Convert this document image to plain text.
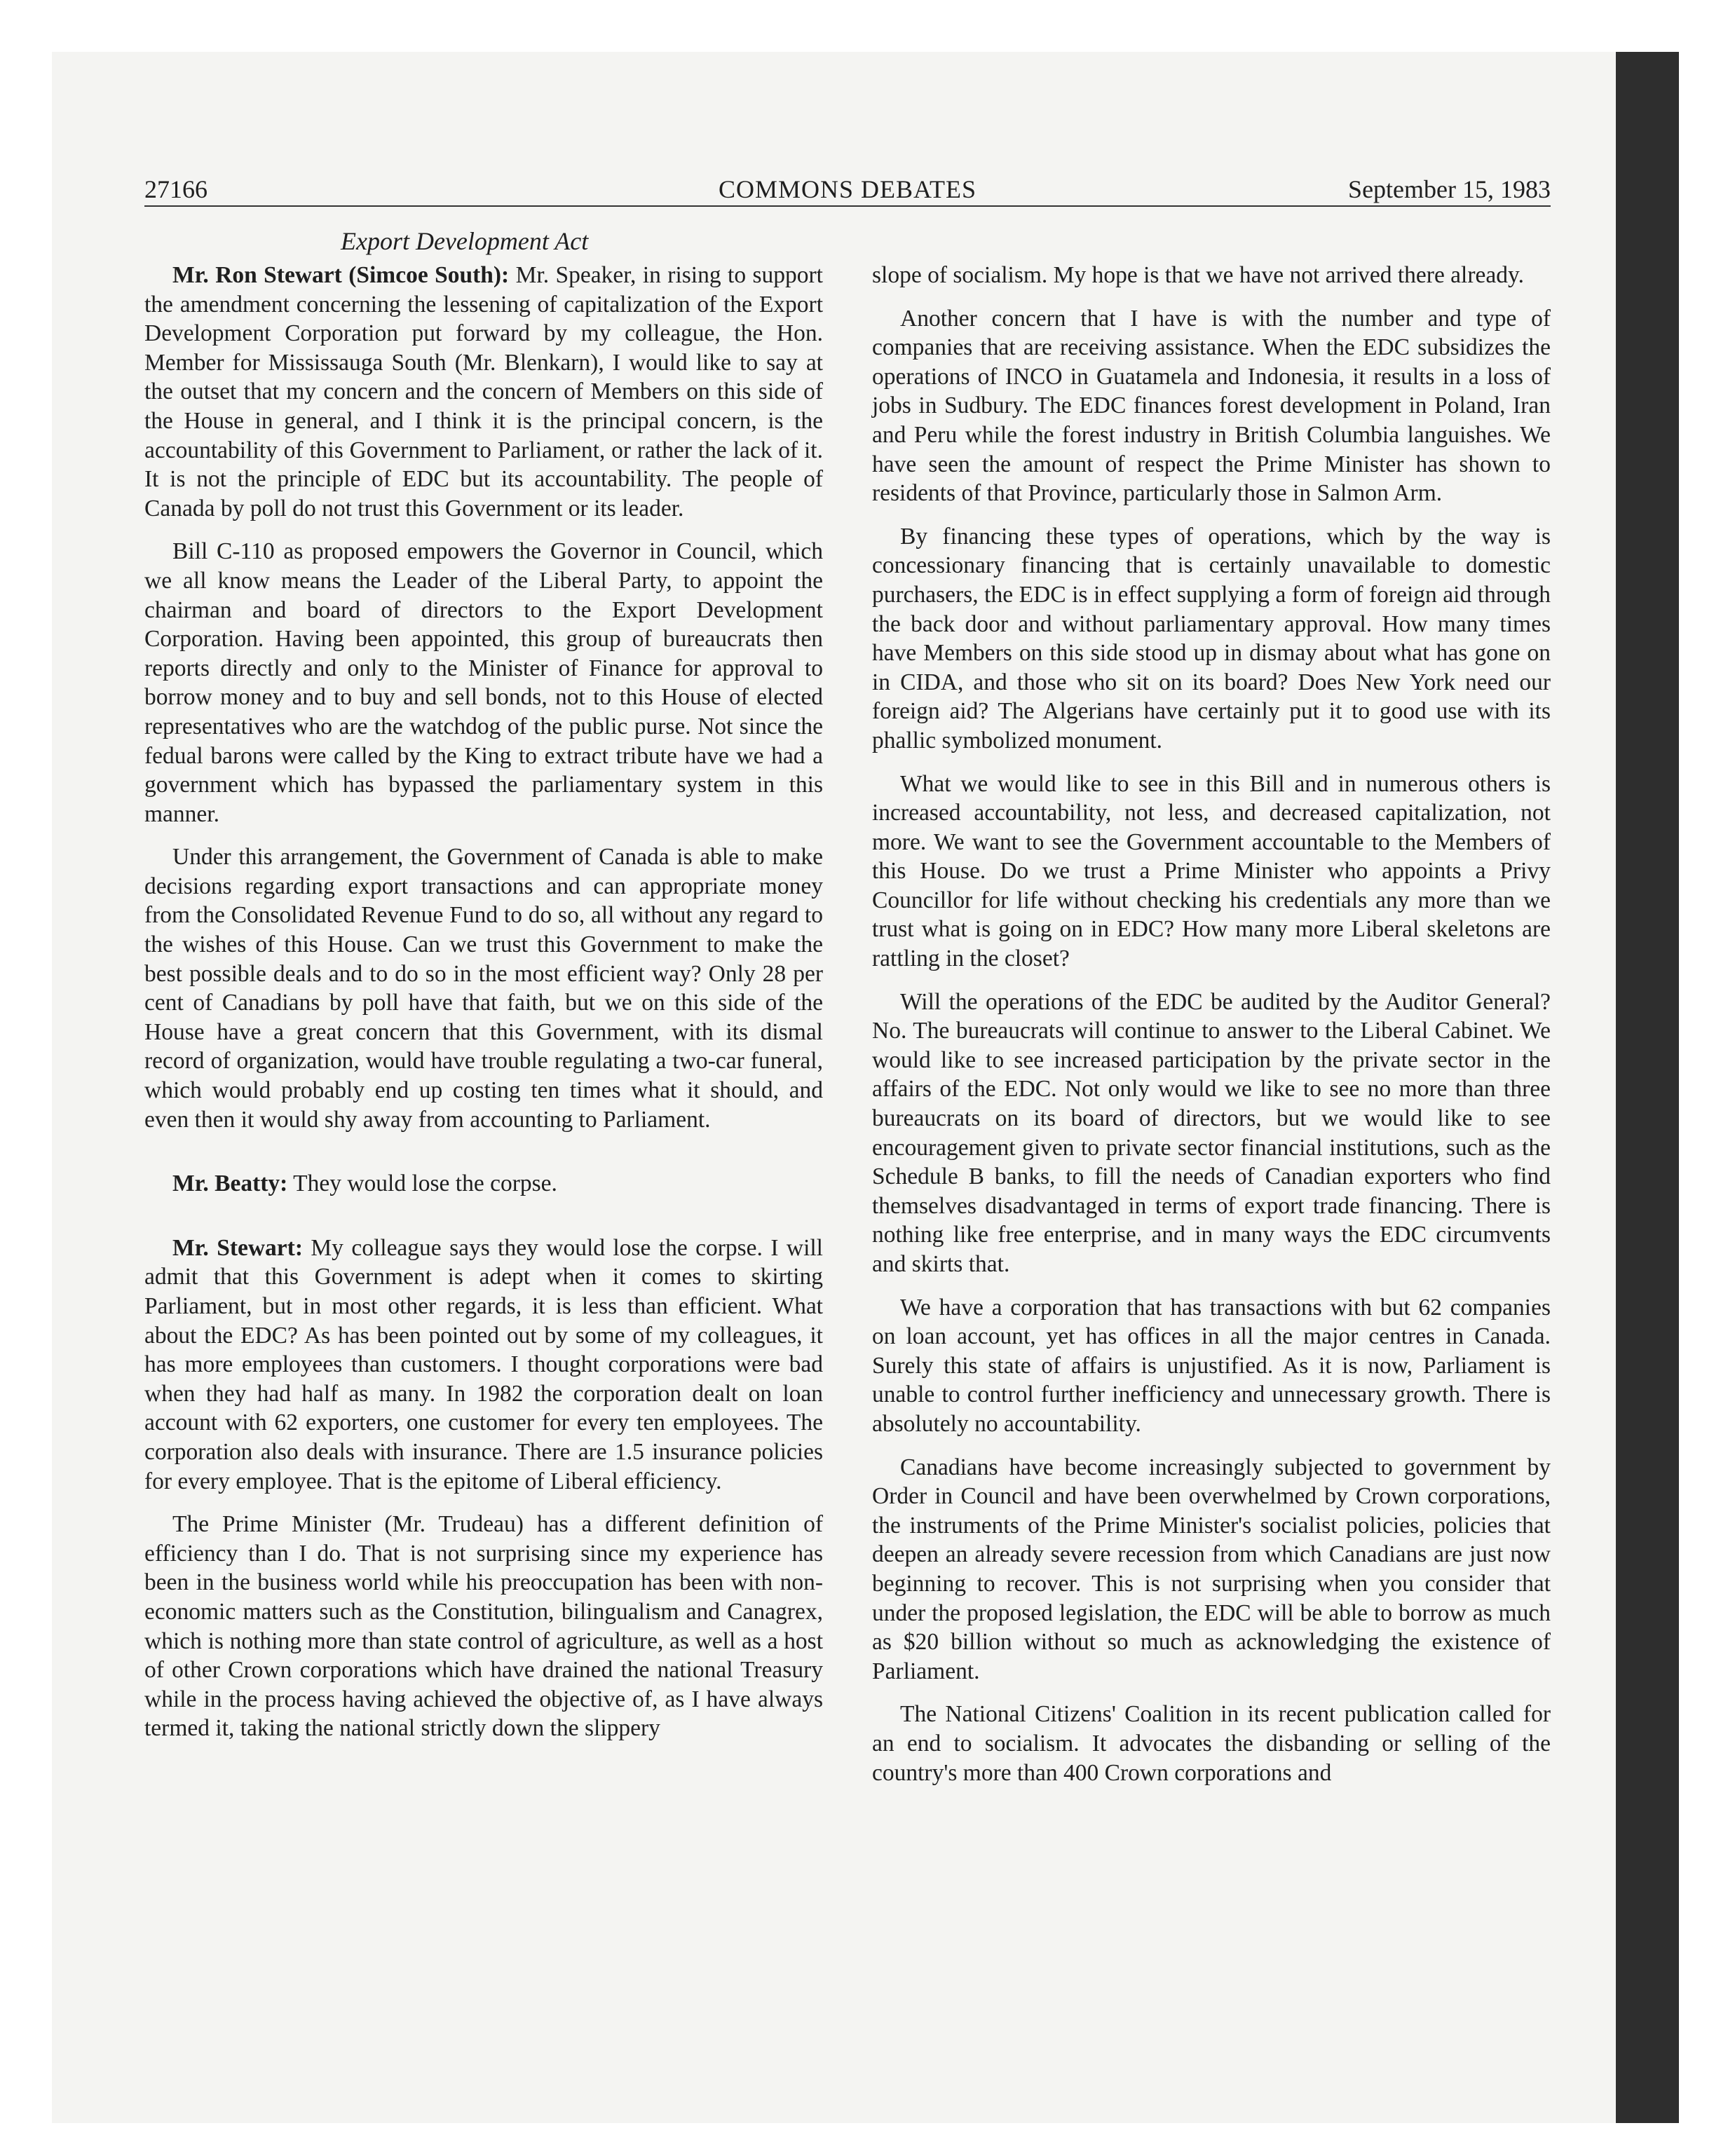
27166	COMMONS DEBATES	September 15, 1983
Export Development Act

Mr. Ron Stewart (Simcoe South): Mr. Speaker, in rising to support the amendment concerning the lessening of capitalization of the Export Development Corporation put forward by my colleague, the Hon. Member for Mississauga South (Mr. Blenkarn), I would like to say at the outset that my concern and the concern of Members on this side of the House in general, and I think it is the principal concern, is the accountability of this Government to Parliament, or rather the lack of it. It is not the principle of EDC but its accountability. The people of Canada by poll do not trust this Government or its leader.

Bill C-110 as proposed empowers the Governor in Council, which we all know means the Leader of the Liberal Party, to appoint the chairman and board of directors to the Export Development Corporation. Having been appointed, this group of bureaucrats then reports directly and only to the Minister of Finance for approval to borrow money and to buy and sell bonds, not to this House of elected representatives who are the watchdog of the public purse. Not since the fedual barons were called by the King to extract tribute have we had a government which has bypassed the parliamentary system in this manner.

Under this arrangement, the Government of Canada is able to make decisions regarding export transactions and can appropriate money from the Consolidated Revenue Fund to do so, all without any regard to the wishes of this House. Can we trust this Government to make the best possible deals and to do so in the most efficient way? Only 28 per cent of Canadians by poll have that faith, but we on this side of the House have a great concern that this Government, with its dismal record of organization, would have trouble regulating a two-car funeral, which would probably end up costing ten times what it should, and even then it would shy away from accounting to Parliament.

Mr. Beatty: They would lose the corpse.

Mr. Stewart: My colleague says they would lose the corpse. I will admit that this Government is adept when it comes to skirting Parliament, but in most other regards, it is less than efficient. What about the EDC? As has been pointed out by some of my colleagues, it has more employees than customers. I thought corporations were bad when they had half as many. In 1982 the corporation dealt on loan account with 62 exporters, one customer for every ten employees. The corporation also deals with insurance. There are 1.5 insurance policies for every employee. That is the epitome of Liberal efficiency.

The Prime Minister (Mr. Trudeau) has a different definition of efficiency than I do. That is not surprising since my experience has been in the business world while his preoccupation has been with non-economic matters such as the Constitution, bilingualism and Canagrex, which is nothing more than state control of agriculture, as well as a host of other Crown corporations which have drained the national Treasury while in the process having achieved the objective of, as I have always termed it, taking the national strictly down the slippery

slope of socialism. My hope is that we have not arrived there already.

Another concern that I have is with the number and type of companies that are receiving assistance. When the EDC subsidizes the operations of INCO in Guatamela and Indonesia, it results in a loss of jobs in Sudbury. The EDC finances forest development in Poland, Iran and Peru while the forest industry in British Columbia languishes. We have seen the amount of respect the Prime Minister has shown to residents of that Province, particularly those in Salmon Arm.

By financing these types of operations, which by the way is concessionary financing that is certainly unavailable to domestic purchasers, the EDC is in effect supplying a form of foreign aid through the back door and without parliamentary approval. How many times have Members on this side stood up in dismay about what has gone on in CIDA, and those who sit on its board? Does New York need our foreign aid? The Algerians have certainly put it to good use with its phallic symbolized monument.

What we would like to see in this Bill and in numerous others is increased accountability, not less, and decreased capitalization, not more. We want to see the Government accountable to the Members of this House. Do we trust a Prime Minister who appoints a Privy Councillor for life without checking his credentials any more than we trust what is going on in EDC? How many more Liberal skeletons are rattling in the closet?

Will the operations of the EDC be audited by the Auditor General? No. The bureaucrats will continue to answer to the Liberal Cabinet. We would like to see increased participation by the private sector in the affairs of the EDC. Not only would we like to see no more than three bureaucrats on its board of directors, but we would like to see encouragement given to private sector financial institutions, such as the Schedule B banks, to fill the needs of Canadian exporters who find themselves disadvantaged in terms of export trade financing. There is nothing like free enterprise, and in many ways the EDC circumvents and skirts that.

We have a corporation that has transactions with but 62 companies on loan account, yet has offices in all the major centres in Canada. Surely this state of affairs is unjustified. As it is now, Parliament is unable to control further inefficiency and unnecessary growth. There is absolutely no accountability.

Canadians have become increasingly subjected to government by Order in Council and have been overwhelmed by Crown corporations, the instruments of the Prime Minister's socialist policies, policies that deepen an already severe recession from which Canadians are just now beginning to recover. This is not surprising when you consider that under the proposed legislation, the EDC will be able to borrow as much as $20 billion without so much as acknowledging the existence of Parliament.

The National Citizens' Coalition in its recent publication called for an end to socialism. It advocates the disbanding or selling of the country's more than 400 Crown corporations and
